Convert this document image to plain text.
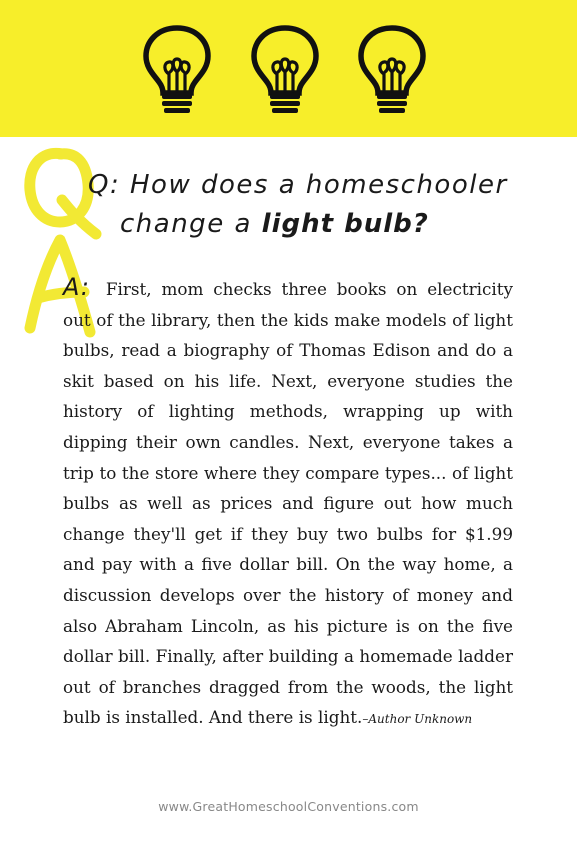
Q: How does a homeschooler
change a light bulb?

A: First, mom checks three books on electricity out of the library, then the kids make models of light bulbs, read a biography of Thomas Edison and do a skit based on his life. Next, everyone studies the history of lighting methods, wrapping up with dipping their own candles. Next, everyone takes a trip to the store where they compare types... of light bulbs as well as prices and figure out how much change they'll get if they buy two bulbs for $1.99 and pay with a five dollar bill. On the way home, a discussion develops over the history of money and also Abraham Lincoln, as his picture is on the five dollar bill. Finally, after building a homemade ladder out of branches dragged from the woods, the light bulb is installed. And there is light.–Author Unknown

www.GreatHomeschoolConventions.com
